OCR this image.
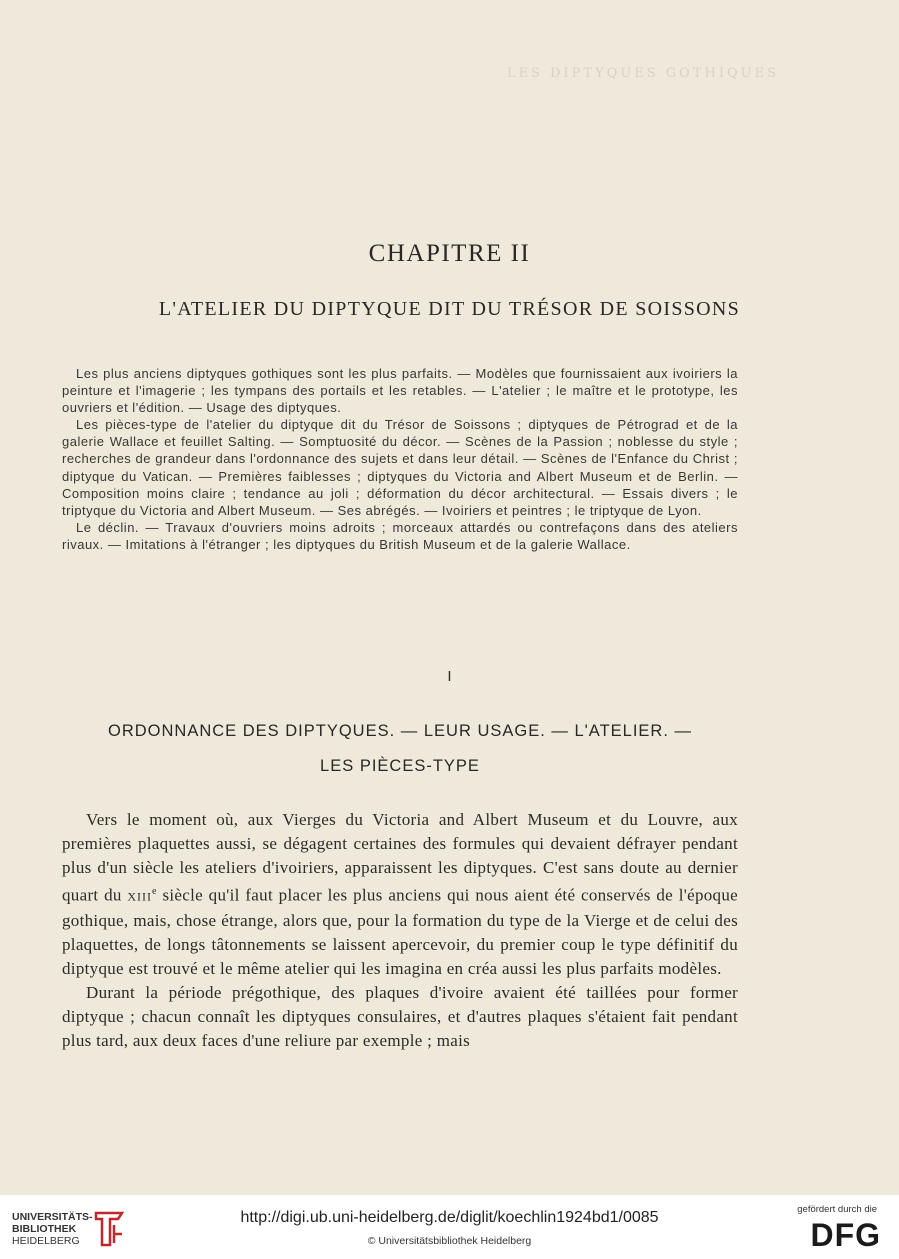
LES DIPTYQUES GOTHIQUES
CHAPITRE II
L'ATELIER DU DIPTYQUE DIT DU TRÉSOR DE SOISSONS

Les plus anciens diptyques gothiques sont les plus parfaits. — Modèles que fournissaient aux ivoiriers la peinture et l'imagerie ; les tympans des portails et les retables. — L'atelier ; le maître et le prototype, les ouvriers et l'édition. — Usage des diptyques.

Les pièces-type de l'atelier du diptyque dit du Trésor de Soissons ; diptyques de Pétrograd et de la galerie Wallace et feuillet Salting. — Somptuosité du décor. — Scènes de la Passion ; noblesse du style ; recherches de grandeur dans l'ordonnance des sujets et dans leur détail. — Scènes de l'Enfance du Christ ; diptyque du Vatican. — Premières faiblesses ; diptyques du Victoria and Albert Museum et de Berlin. — Composition moins claire ; tendance au joli ; déformation du décor architectural. — Essais divers ; le triptyque du Victoria and Albert Museum. — Ses abrégés. — Ivoiriers et peintres ; le triptyque de Lyon.

Le déclin. — Travaux d'ouvriers moins adroits ; morceaux attardés ou contrefaçons dans des ateliers rivaux. — Imitations à l'étranger ; les diptyques du British Museum et de la galerie Wallace.

I
ORDONNANCE DES DIPTYQUES. — LEUR USAGE. — L'ATELIER. —
LES PIÈCES-TYPE

Vers le moment où, aux Vierges du Victoria and Albert Museum et du Louvre, aux premières plaquettes aussi, se dégagent certaines des formules qui devaient défrayer pendant plus d'un siècle les ateliers d'ivoiriers, apparaissent les diptyques. C'est sans doute au dernier quart du XIIIe siècle qu'il faut placer les plus anciens qui nous aient été conservés de l'époque gothique, mais, chose étrange, alors que, pour la formation du type de la Vierge et de celui des plaquettes, de longs tâtonnements se laissent apercevoir, du premier coup le type définitif du diptyque est trouvé et le même atelier qui les imagina en créa aussi les plus parfaits modèles.

Durant la période prégothique, des plaques d'ivoire avaient été taillées pour former diptyque ; chacun connaît les diptyques consulaires, et d'autres plaques s'étaient fait pendant plus tard, aux deux faces d'une reliure par exemple ; mais

UNIVERSITÄTS-
BIBLIOTHEK
HEIDELBERG
http://digi.ub.uni-heidelberg.de/diglit/koechlin1924bd1/0085
© Universitätsbibliothek Heidelberg
gefördert durch die
DFG
